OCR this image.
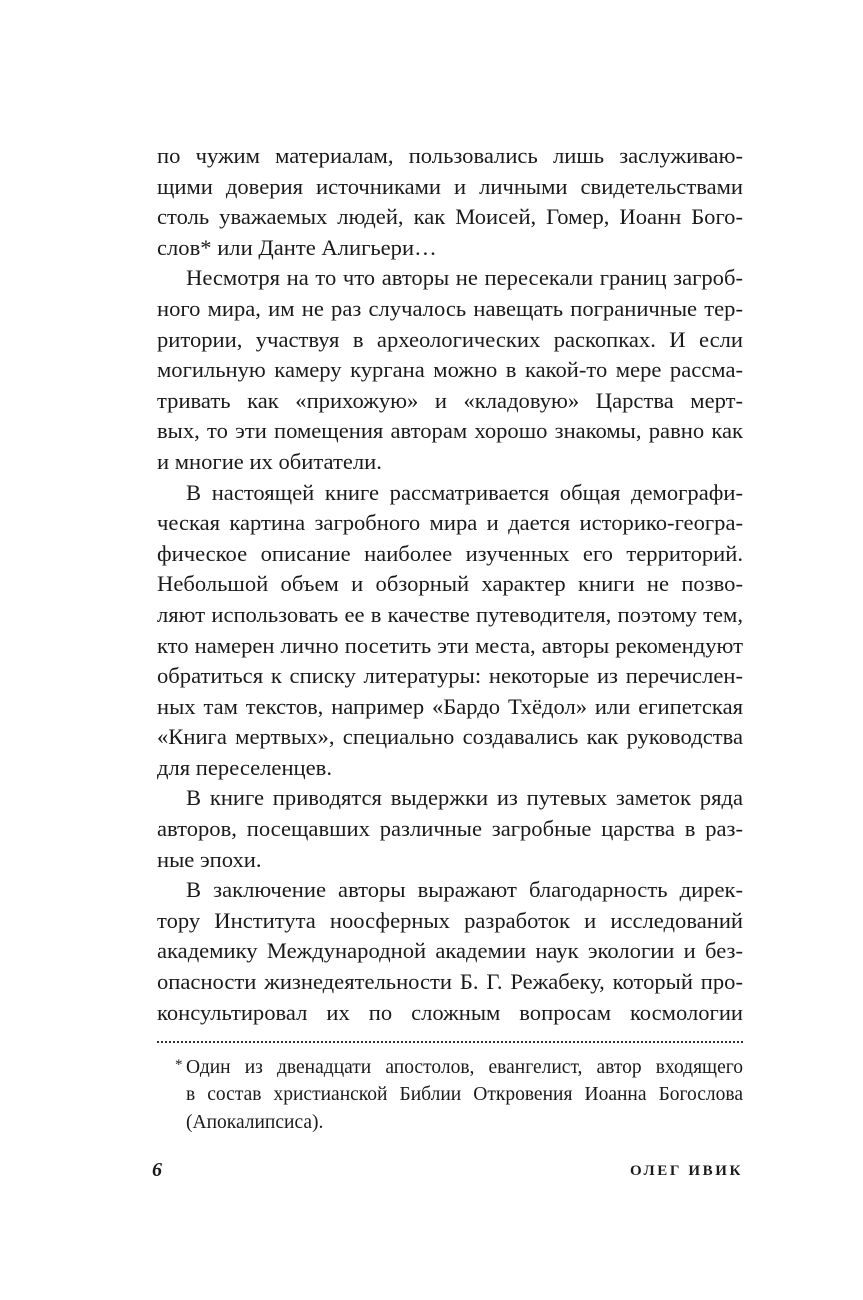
по чужим материалам, пользовались лишь заслуживаю-
щими доверия источниками и личными свидетельствами
столь уважаемых людей, как Моисей, Гомер, Иоанн Бого-
слов* или Данте Алигьери…
Несмотря на то что авторы не пересекали границ загроб-
ного мира, им не раз случалось навещать пограничные тер-
ритории, участвуя в археологических раскопках. И если
могильную камеру кургана можно в какой-то мере рассма-
тривать как «прихожую» и «кладовую» Царства мерт-
вых, то эти помещения авторам хорошо знакомы, равно как
и многие их обитатели.
В настоящей книге рассматривается общая демографи-
ческая картина загробного мира и дается историко-геогра-
фическое описание наиболее изученных его территорий.
Небольшой объем и обзорный характер книги не позво-
ляют использовать ее в качестве путеводителя, поэтому тем,
кто намерен лично посетить эти места, авторы рекомендуют
обратиться к списку литературы: некоторые из перечислен-
ных там текстов, например «Бардо Тхёдол» или египетская
«Книга мертвых», специально создавались как руководства
для переселенцев.
В книге приводятся выдержки из путевых заметок ряда
авторов, посещавших различные загробные царства в раз-
ные эпохи.
В заключение авторы выражают благодарность дирек-
тору Института ноосферных разработок и исследований
академику Международной академии наук экологии и без-
опасности жизнедеятельности Б. Г. Режабеку, который про-
консультировал их по сложным вопросам космологии
* Один из двенадцати апостолов, евангелист, автор входящего
в состав христианской Библии Откровения Иоанна Богослова
(Апокалипсиса).
6	ОЛЕГ ИВИК
